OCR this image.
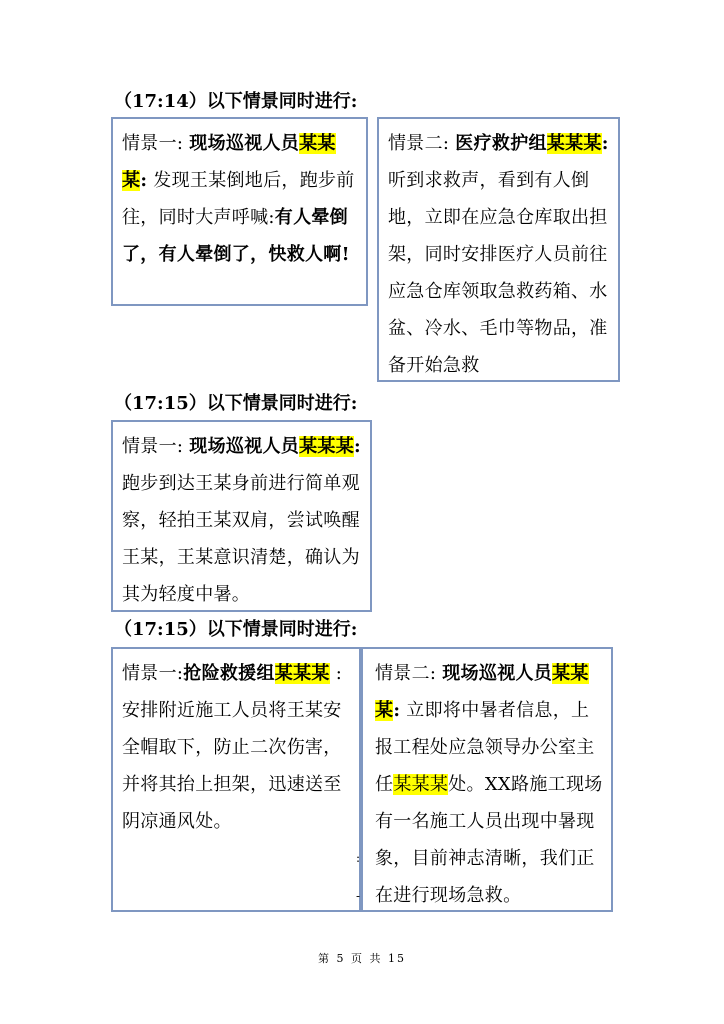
（17:14）以下情景同时进行:
情景一: 现场巡视人员某某某: 发现王某倒地后，跑步前往，同时大声呼喊:有人晕倒了，有人晕倒了，快救人啊!
情景二: 医疗救护组某某某: 听到求救声，看到有人倒地，立即在应急仓库取出担架，同时安排医疗人员前往应急仓库领取急救药箱、水盆、冷水、毛巾等物品，准备开始急救
（17:15）以下情景同时进行:
情景一: 现场巡视人员某某某: 跑步到达王某身前进行简单观察，轻拍王某双肩，尝试唤醒王某，王某意识清楚，确认为其为轻度中暑。
（17:15）以下情景同时进行:
情景一:抢险救援组某某某 :安排附近施工人员将王某安全帽取下，防止二次伤害，并将其抬上担架，迅速送至阴凉通风处。
情景二: 现场巡视人员某某某: 立即将中暑者信息，上报工程处应急领导办公室主任某某某处。XX路施工现场有一名施工人员出现中暑现象，目前神志清晰，我们正在进行现场急救。
:
-
第 5 页 共 15
